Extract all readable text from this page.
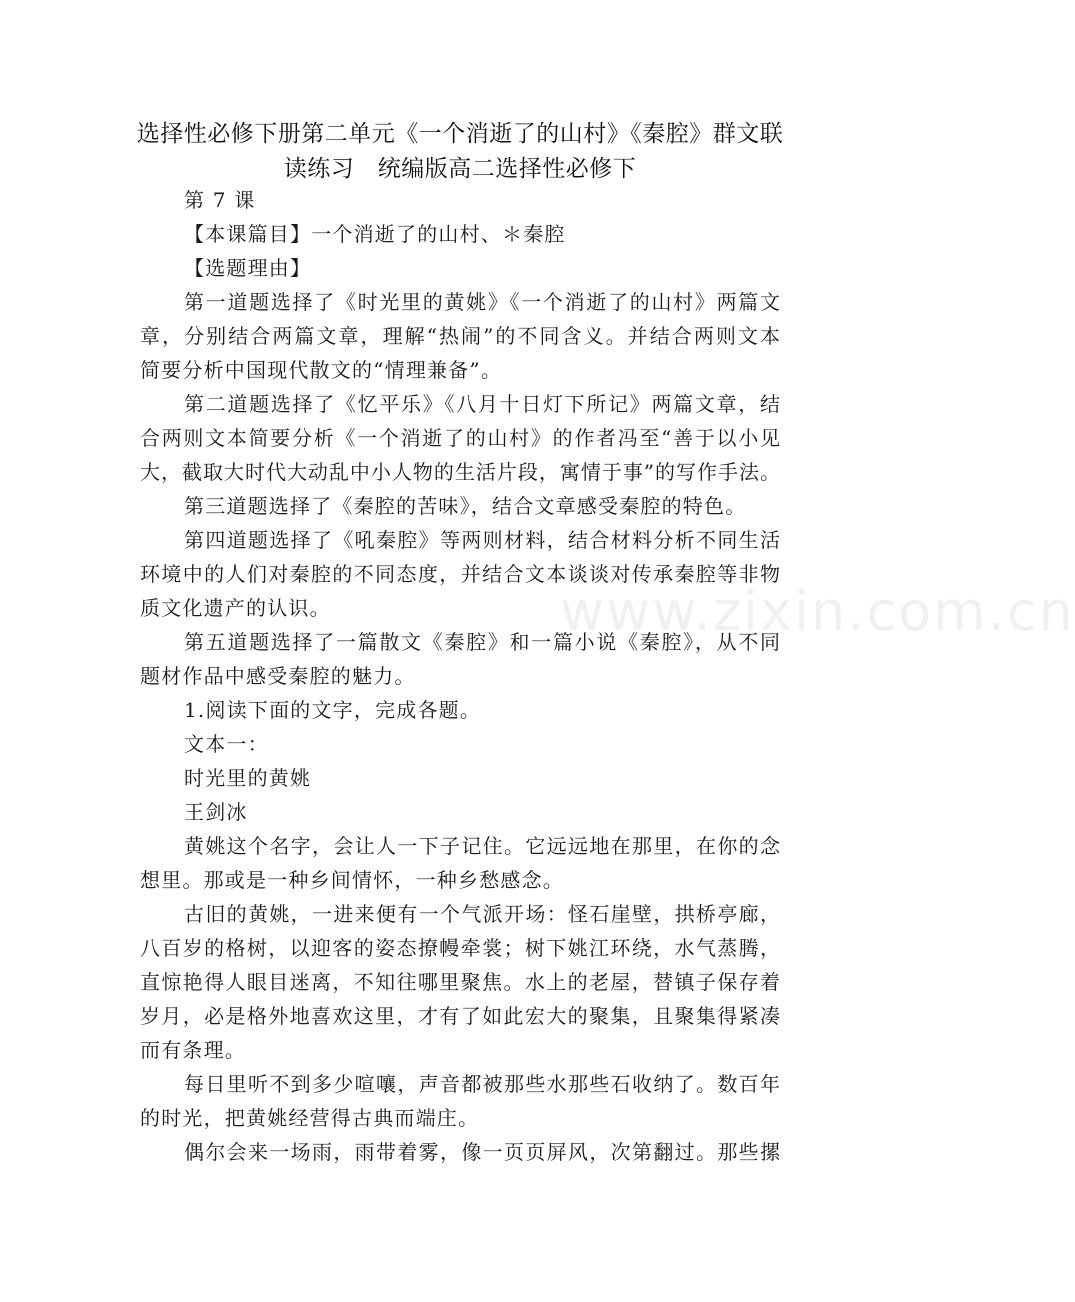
选择性必修下册第二单元《一个消逝了的山村》《秦腔》群文联
读练习　统编版高二选择性必修下
第 7 课
【本课篇目】一个消逝了的山村、＊秦腔
【选题理由】
第一道题选择了《时光里的黄姚》《一个消逝了的山村》两篇文
章，分别结合两篇文章，理解“热闹”的不同含义。并结合两则文本
简要分析中国现代散文的“情理兼备”。
第二道题选择了《忆平乐》《八月十日灯下所记》两篇文章，结
合两则文本简要分析《一个消逝了的山村》的作者冯至“善于以小见
大，截取大时代大动乱中小人物的生活片段，寓情于事”的写作手法。
第三道题选择了《秦腔的苦味》，结合文章感受秦腔的特色。
第四道题选择了《吼秦腔》等两则材料，结合材料分析不同生活
环境中的人们对秦腔的不同态度，并结合文本谈谈对传承秦腔等非物
质文化遗产的认识。
第五道题选择了一篇散文《秦腔》和一篇小说《秦腔》，从不同
题材作品中感受秦腔的魅力。
1.阅读下面的文字，完成各题。
文本一：
时光里的黄姚
王剑冰
黄姚这个名字，会让人一下子记住。它远远地在那里，在你的念
想里。那或是一种乡间情怀，一种乡愁感念。
古旧的黄姚，一进来便有一个气派开场：怪石崖壁，拱桥亭廊，
八百岁的格树，以迎客的姿态撩幔牵裳；树下姚江环绕，水气蒸腾，
直惊艳得人眼目迷离，不知往哪里聚焦。水上的老屋，替镇子保存着
岁月，必是格外地喜欢这里，才有了如此宏大的聚集，且聚集得紧凑
而有条理。
每日里听不到多少喧嚷，声音都被那些水那些石收纳了。数百年
的时光，把黄姚经营得古典而端庄。
偶尔会来一场雨，雨带着雾，像一页页屏风，次第翻过。那些摞
www.zixin.com.cn
